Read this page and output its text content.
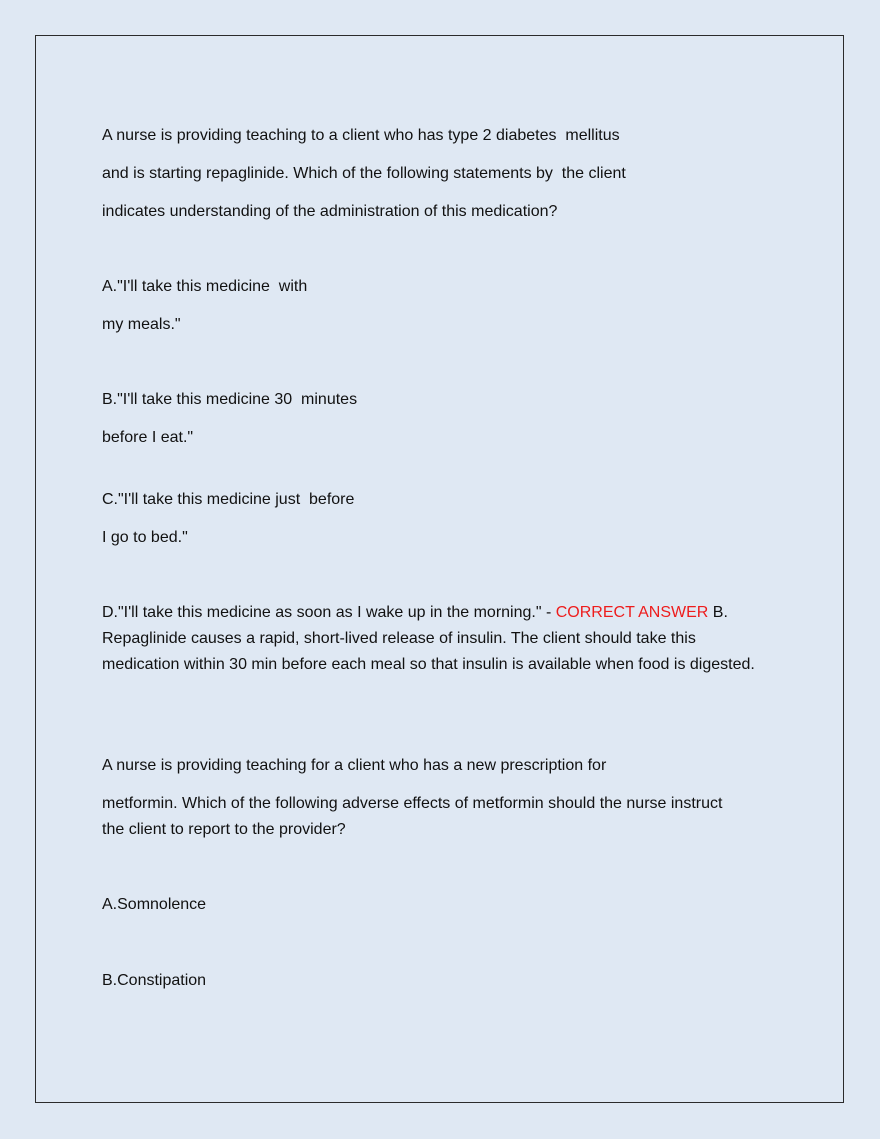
A nurse is providing teaching to a client who has type 2 diabetes  mellitus

and is starting repaglinide. Which of the following statements by  the client

indicates understanding of the administration of this medication?

A."I'll take this medicine  with

my meals."

B."I'll take this medicine 30  minutes

before I eat."

C."I'll take this medicine just  before

I go to bed."

D."I'll take this medicine as soon as I wake up in the morning." - CORRECT ANSWER B. Repaglinide causes a rapid, short-lived release of insulin. The client should take this medication within 30 min before each meal so that insulin is available when food is digested.

A nurse is providing teaching for a client who has a new prescription for

metformin. Which of the following adverse effects of metformin should the nurse instruct the client to report to the provider?

A.Somnolence

B.Constipation
